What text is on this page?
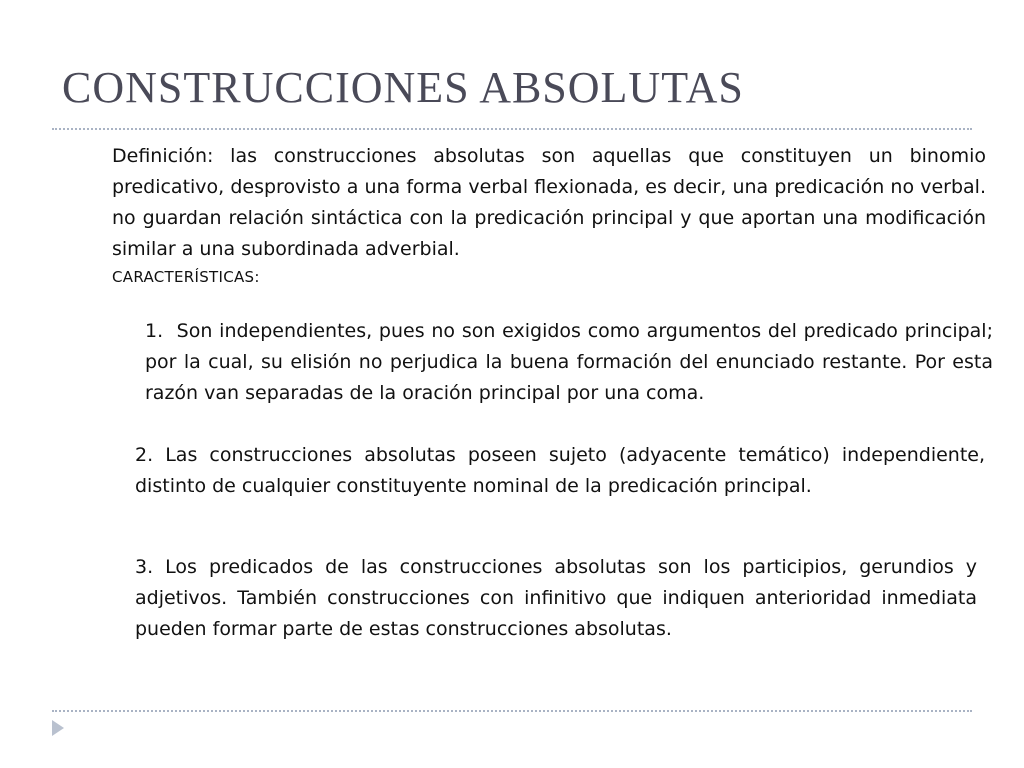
CONSTRUCCIONES ABSOLUTAS
Definición: las construcciones absolutas son aquellas que constituyen un binomio predicativo, desprovisto a una forma verbal flexionada, es decir, una predicación no verbal. no guardan relación sintáctica con la predicación principal y que aportan una modificación similar a una subordinada adverbial.
CARACTERÍSTICAS:
1. Son independientes, pues no son exigidos como argumentos del predicado principal; por la cual, su elisión no perjudica la buena formación del enunciado restante. Por esta razón van separadas de la oración principal por una coma.
2. Las construcciones absolutas poseen sujeto (adyacente temático) independiente, distinto de cualquier constituyente nominal de la predicación principal.
3. Los predicados de las construcciones absolutas son los participios, gerundios y adjetivos. También construcciones con infinitivo que indiquen anterioridad inmediata pueden formar parte de estas construcciones absolutas.
